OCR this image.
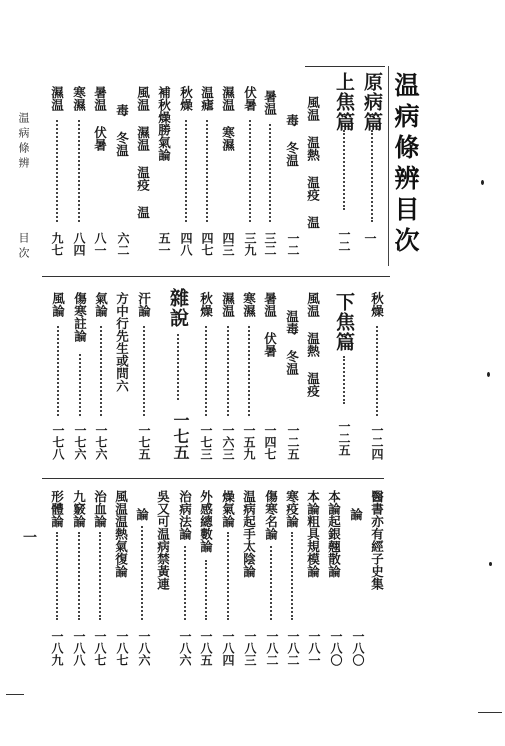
温病條辨目次
温病條辨
目次
原病篇
一
上焦篇
一二
風温 温熱 温疫 温
毒 冬温
一二
暑温
三二
伏暑
三九
濕温 寒濕
四三
温瘧
四七
秋燥
四八
補秋燥勝氣論
五一
風温 濕温 温疫 温
毒 冬温
六二
暑温 伏暑
八一
寒濕
八四
濕温
九七
秋燥
一二四
下焦篇
一二五
風温 温熱 温疫
温毒 冬温
一二五
暑温 伏暑
一四七
寒濕
一五九
濕温
一六三
秋燥
一七三
雜說
一七五
汗論
一七五
方中行先生或問六
氣論
一七六
傷寒註論
一七六
風論
一七八
醫書亦有經子史集
論
一八〇
本論起銀翹散論
一八〇
本論粗具規模論
一八一
寒疫論
一八二
傷寒名論
一八二
温病起手太陰論
一八三
燥氣論
一八四
外感總數論
一八五
治病法論
一八六
吳又可温病禁黃連
論
一八六
風温温熱氣復論
一八七
治血論
一八七
九竅論
一八八
形體論
一八九
一
